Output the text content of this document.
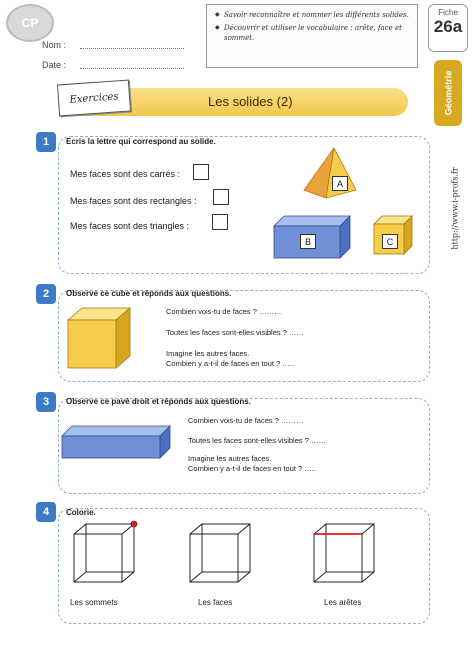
CP
Nom :
Date :
◆ Savoir reconnaître et nommer les différents solides.
◆ Découvrir et utiliser le vocabulaire : arête, face et sommet.
Fiche
26a
Géométrie
http://www.i-profs.fr
Exercices	Les solides (2)
1	Ecris la lettre qui correspond au solide.
Mes faces sont des carrés :
Mes faces sont des rectangles :
Mes faces sont des triangles :
A
B	C
2	Observe ce cube et réponds aux questions.
Combien vois-tu de faces ? ………
Toutes les faces sont-elles visibles ? ……
Imagine les autres faces.
Combien y a-t-il de faces en tout ? …..
3	Observe ce pavé droit et réponds aux questions.
Combien vois-tu de faces ? ………
Toutes les faces sont-elles visibles ? ……
Imagine les autres faces.
Combien y a-t-il de faces en tout ? …..
4	Colorie.
Les sommets	Les faces	Les arêtes
